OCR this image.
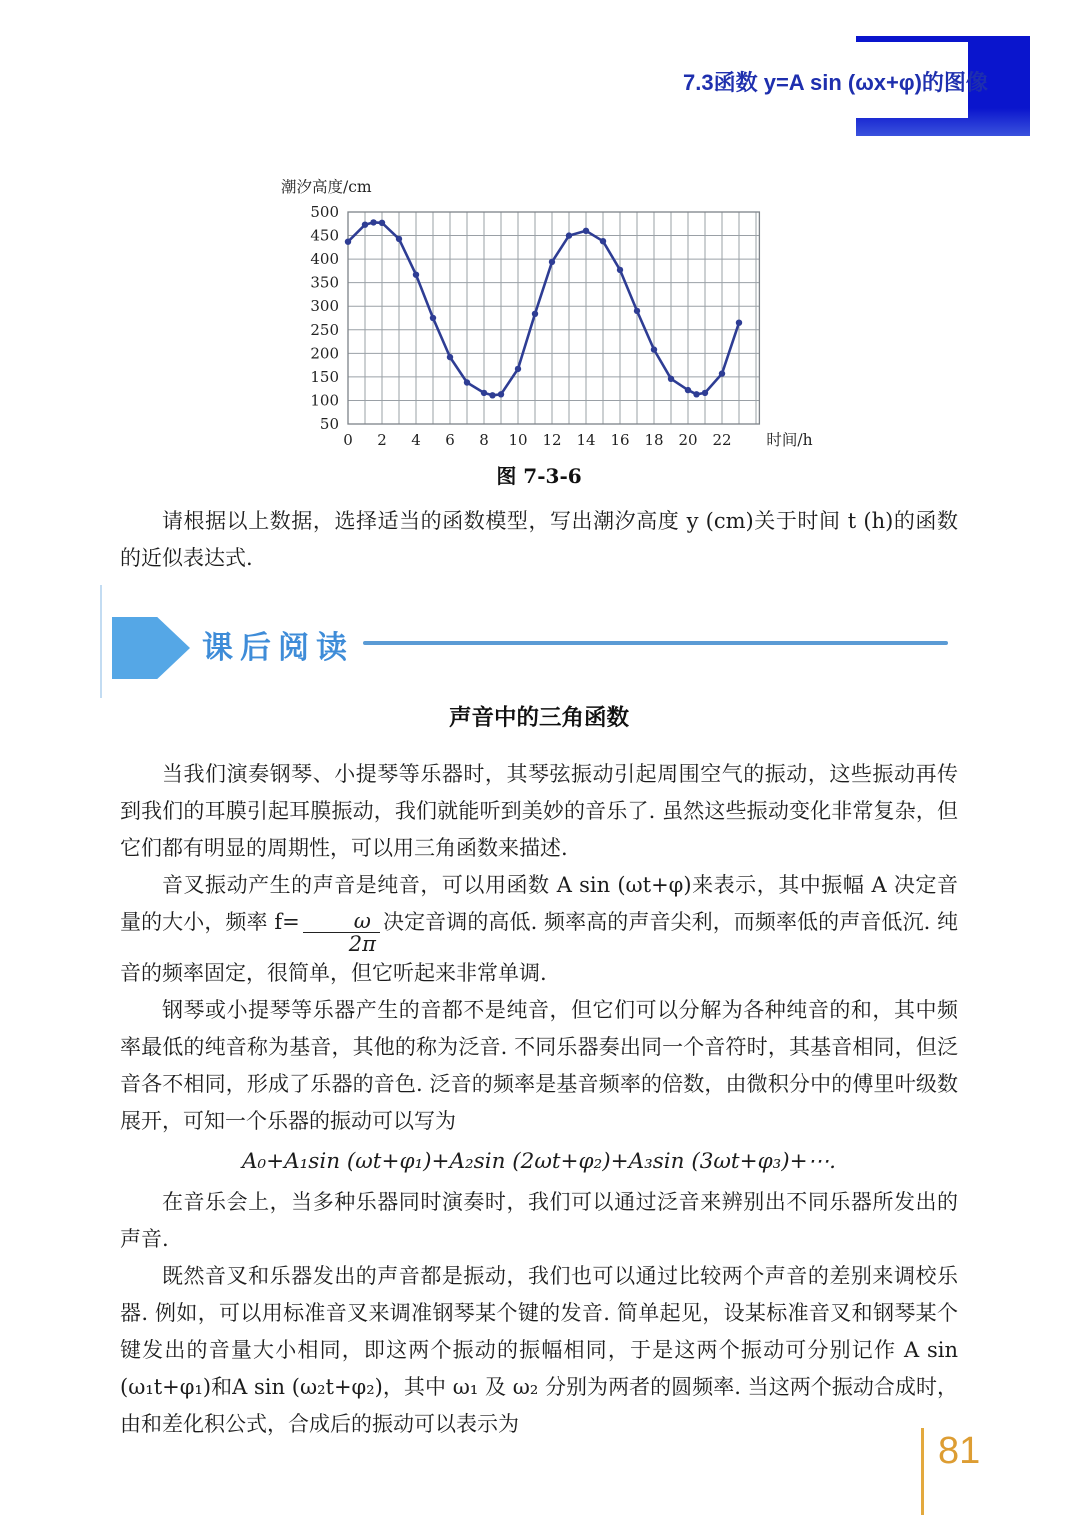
7.3 函数 y=A sin (ωx+φ)的图像
50
100
150
200
250
300
350
400
450
500
0 2 4 6 8 10 12 14 16 18 20 22
潮汐高度/cm
时间/h
图 7-3-6

请根据以上数据，选择适当的函数模型，写出潮汐高度 y (cm)关于时间 t (h)的函数的近似表达式.

课后阅读
声音中的三角函数

当我们演奏钢琴、小提琴等乐器时，其琴弦振动引起周围空气的振动，这些振动再传到我们的耳膜引起耳膜振动，我们就能听到美妙的音乐了. 虽然这些振动变化非常复杂，但它们都有明显的周期性，可以用三角函数来描述.

音叉振动产生的声音是纯音，可以用函数 A sin (ωt+φ)来表示，其中振幅 A 决定音量的大小，频率 $f= \frac{\omega}{2\pi}$ 决定音调的高低. 频率高的声音尖利，而频率低的声音低沉. 纯音的频率固定，很简单，但它听起来非常单调.

钢琴或小提琴等乐器产生的音都不是纯音，但它们可以分解为各种纯音的和，其中频率最低的纯音称为基音，其他的称为泛音. 不同乐器奏出同一个音符时，其基音相同，但泛音各不相同，形成了乐器的音色. 泛音的频率是基音频率的倍数，由微积分中的傅里叶级数展开，可知一个乐器的振动可以写为

A₀+A₁sin (ωt+φ₁)+A₂sin (2ωt+φ₂)+A₃sin (3ωt+φ₃)+⋯.

在音乐会上，当多种乐器同时演奏时，我们可以通过泛音来辨别出不同乐器所发出的声音.

既然音叉和乐器发出的声音都是振动，我们也可以通过比较两个声音的差别来调校乐器. 例如，可以用标准音叉来调准钢琴某个键的发音. 简单起见，设某标准音叉和钢琴某个键发出的音量大小相同，即这两个振动的振幅相同，于是这两个振动可分别记作 A sin (ω₁t+φ₁)和A sin (ω₂t+φ₂)，其中 ω₁ 及 ω₂ 分别为两者的圆频率. 当这两个振动合成时，由和差化积公式，合成后的振动可以表示为

81
